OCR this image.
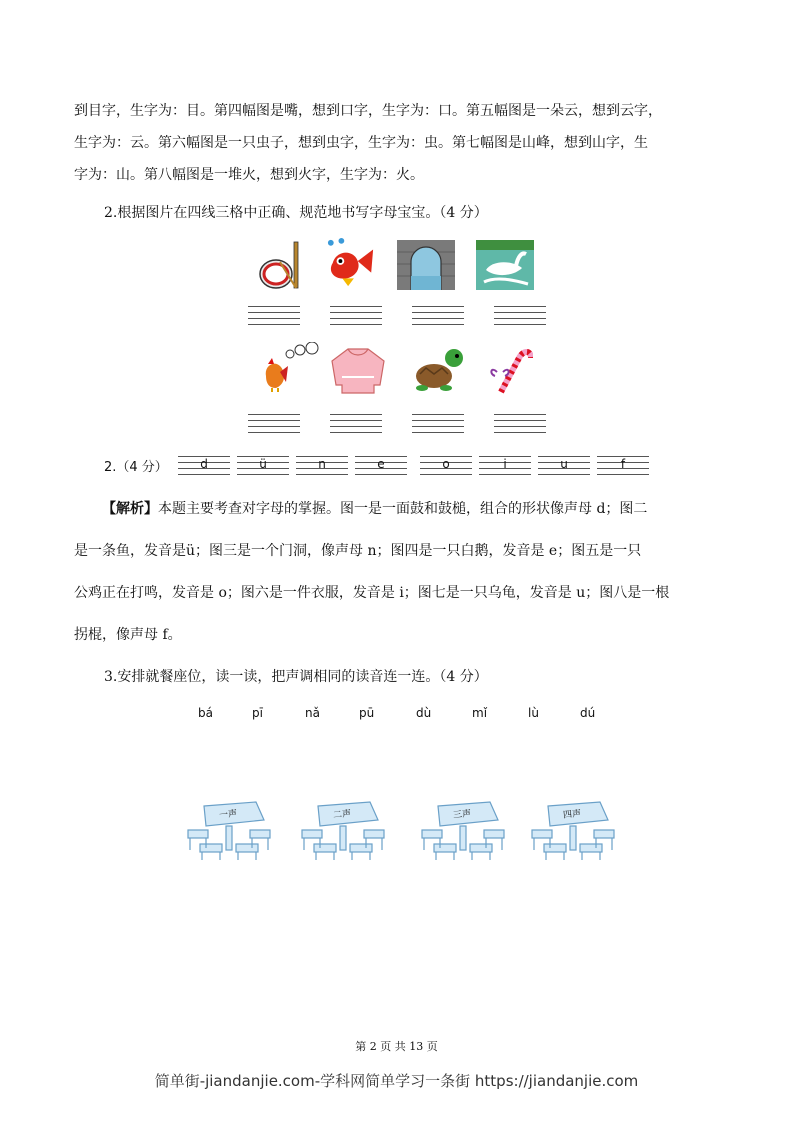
到目字，生字为：目。第四幅图是嘴，想到口字，生字为：口。第五幅图是一朵云，想到云字，
生字为：云。第六幅图是一只虫子，想到虫字，生字为：虫。第七幅图是山峰，想到山字，生
字为：山。第八幅图是一堆火，想到火字，生字为：火。
2.根据图片在四线三格中正确、规范地书写字母宝宝。（4 分）
2.（4 分）	d	ü	n	e	o	i	u	f
【解析】本题主要考查对字母的掌握。图一是一面鼓和鼓槌，组合的形状像声母 d；图二
是一条鱼，发音是ü；图三是一个门洞，像声母 n；图四是一只白鹅，发音是 e；图五是一只
公鸡正在打鸣，发音是 o；图六是一件衣服，发音是 i；图七是一只乌龟，发音是 u；图八是一根
拐棍，像声母 f。
3.安排就餐座位，读一读，把声调相同的读音连一连。（4 分）
bá	pī	nǎ	pū	dù	mǐ	lù	dú
一声	二声	三声	四声
第 2 页 共 13 页
简单街-jiandanjie.com-学科网简单学习一条街 https://jiandanjie.com
